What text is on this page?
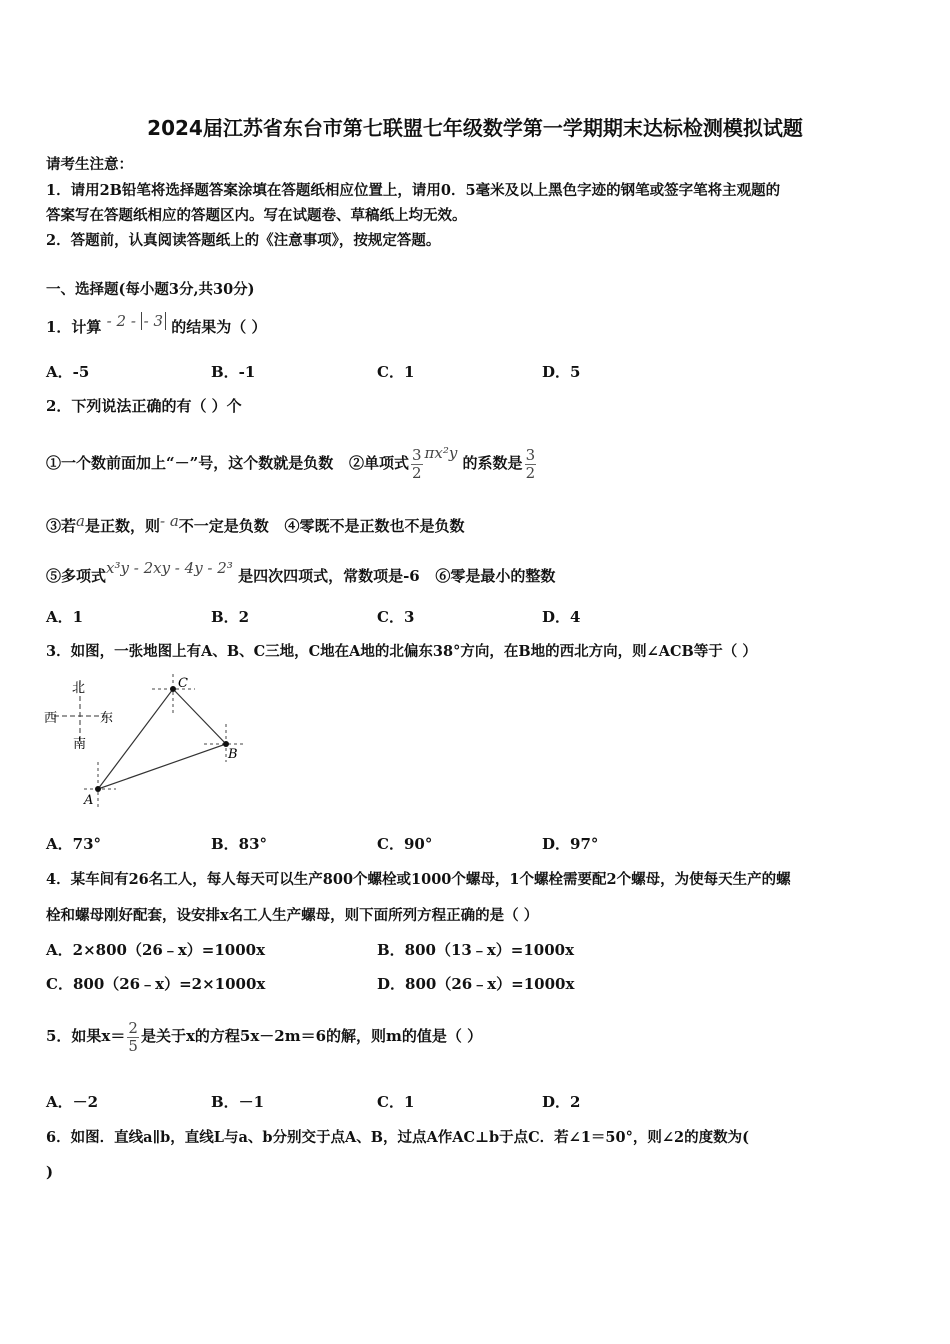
2024届江苏省东台市第七联盟七年级数学第一学期期末达标检测模拟试题
请考生注意：
1．请用2B铅笔将选择题答案涂填在答题纸相应位置上，请用0．5毫米及以上黑色字迹的钢笔或签字笔将主观题的
答案写在答题纸相应的答题区内。写在试题卷、草稿纸上均无效。
2．答题前，认真阅读答题纸上的《注意事项》，按规定答题。
一、选择题(每小题3分,共30分)
1．计算 - 2 - - 3 的结果为（ ）
A．-5	B．-1	C．1	D．5
2．下列说法正确的有（ ）个
①一个数前面加上“－”号，这个数就是负数 ②单项式 $\frac{3}{2} \pi x^2y$ 的系数是 $\frac{3}{2}$
③若a是正数，则- a不一定是负数 ④零既不是正数也不是负数
⑤多项式x³y - 2xy - 4y - 2³ 是四次四项式，常数项是-6 ⑥零是最小的整数
A．1	B．2	C．3	D．4
3．如图，一张地图上有A、B、C三地，C地在A地的北偏东38°方向，在B地的西北方向，则∠ACB等于（ ）
北
西	东
南
A
C
B
A．73°	B．83°	C．90°	D．97°
4．某车间有26名工人，每人每天可以生产800个螺栓或1000个螺母，1个螺栓需要配2个螺母，为使每天生产的螺
栓和螺母刚好配套，设安排x名工人生产螺母，则下面所列方程正确的是（ ）
A．2×800（26﹣x）=1000x	B．800（13﹣x）=1000x
C．800（26﹣x）=2×1000x	D．800（26﹣x）=1000x
5．如果$x= \frac{2}{5}$ 是关于x的方程5x－2m＝6的解，则m的值是（ ）
A．－2	B．－1	C．1	D．2
6．如图．直线a∥b，直线L与a、b分别交于点A、B，过点A作AC⊥b于点C．若∠1＝50°，则∠2的度数为(
)
